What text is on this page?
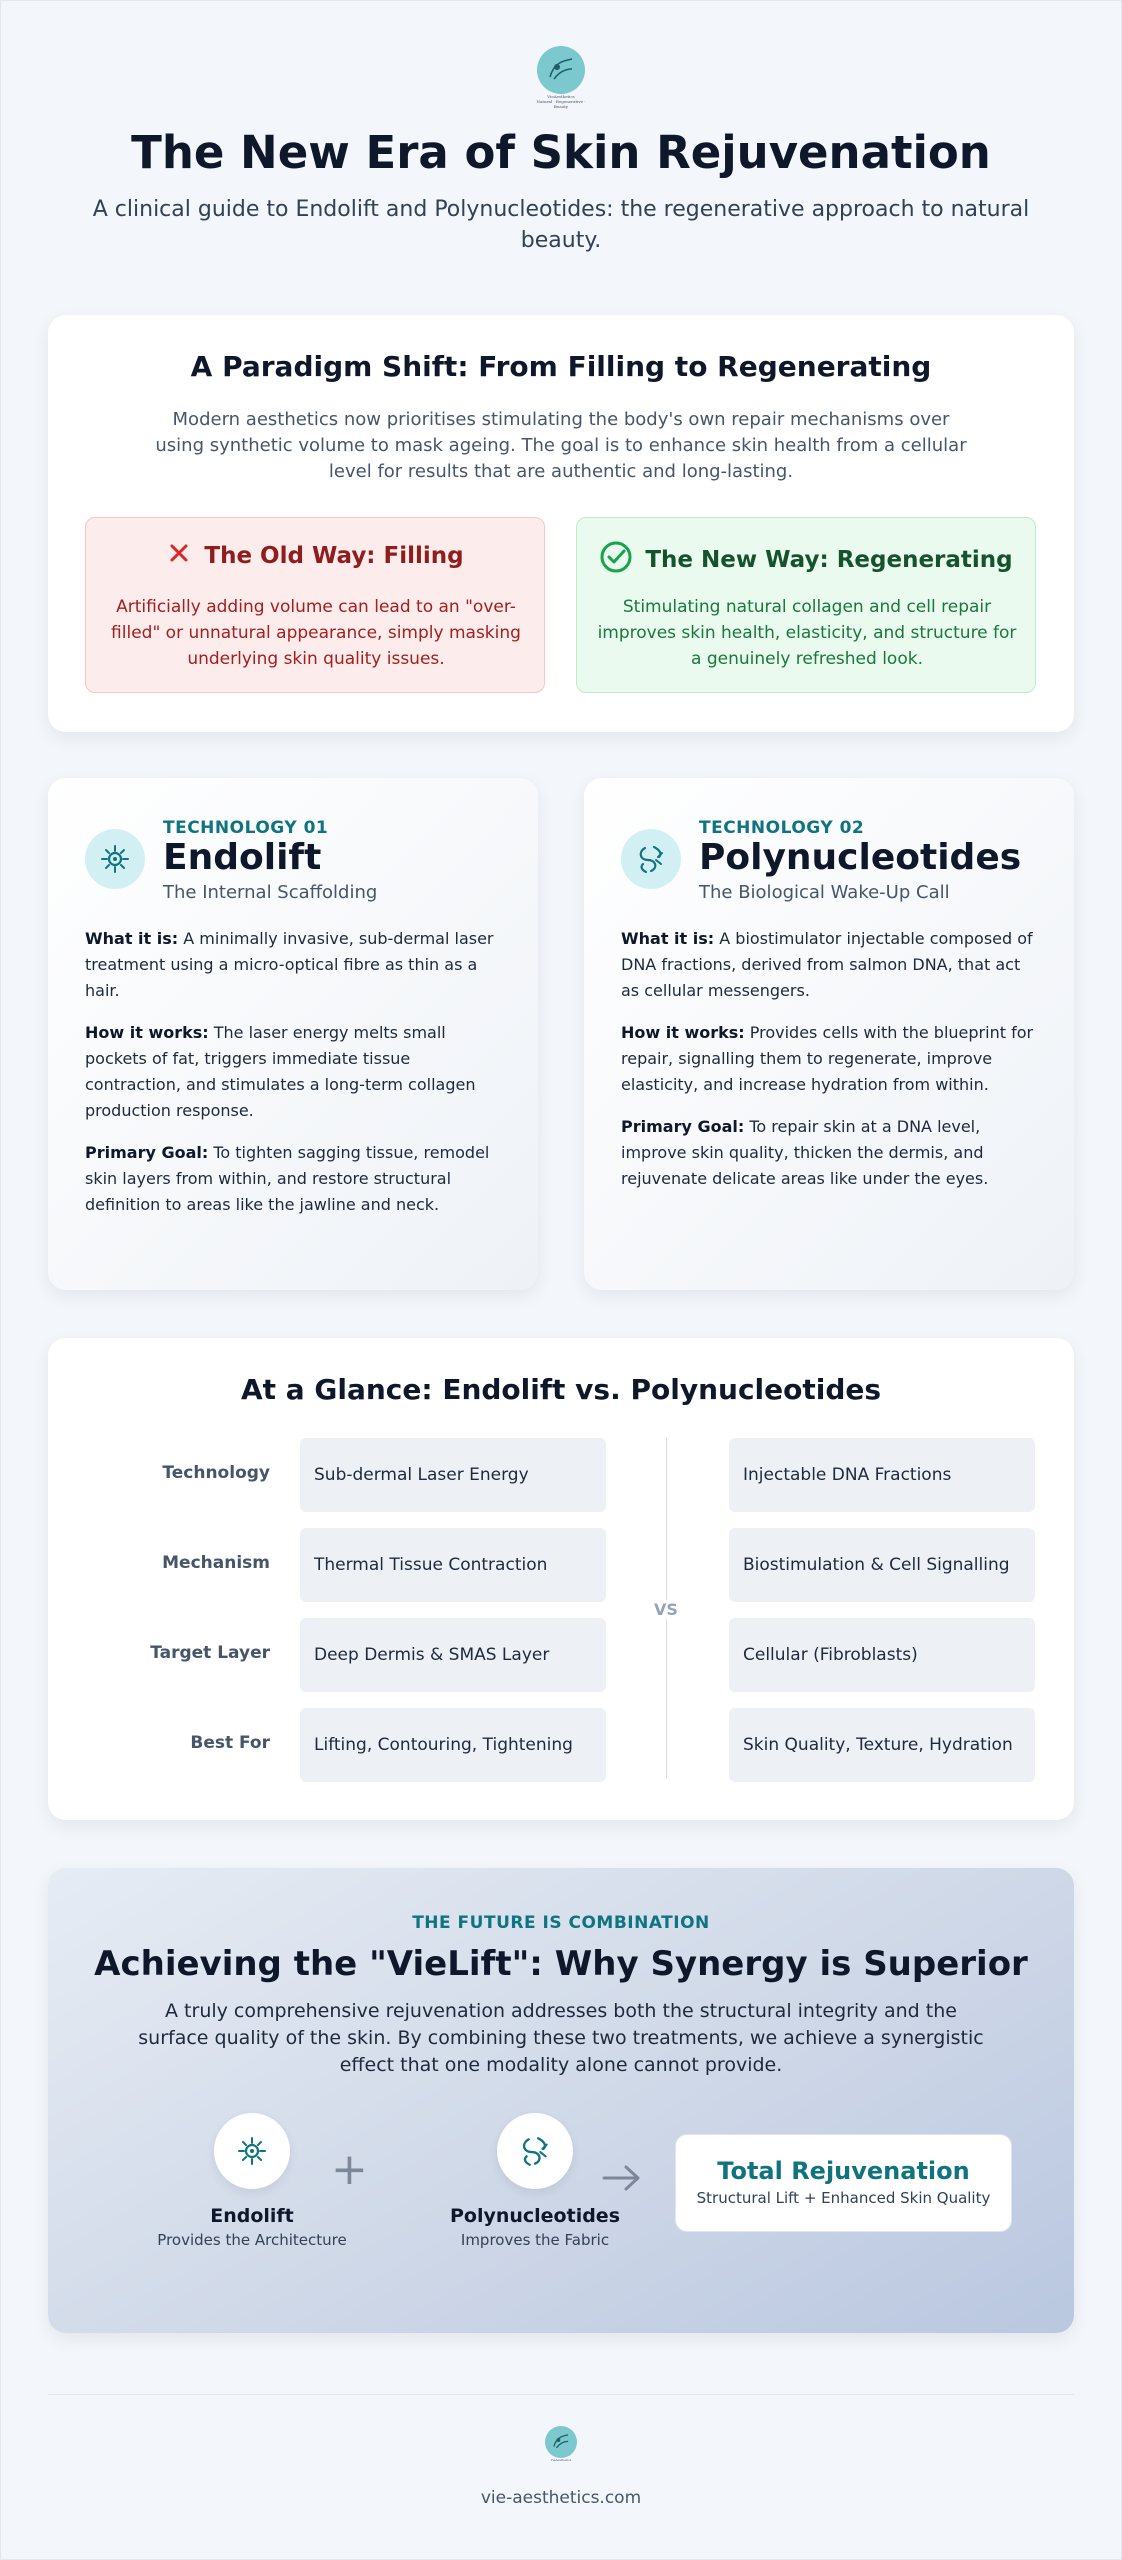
VieAesthetics
Natural · Regenerative · Beauty
The New Era of Skin Rejuvenation

A clinical guide to Endolift and Polynucleotides: the regenerative approach to natural beauty.

A Paradigm Shift: From Filling to Regenerating

Modern aesthetics now prioritises stimulating the body's own repair mechanisms over using synthetic volume to mask ageing. The goal is to enhance skin health from a cellular level for results that are authentic and long-lasting.

The Old Way: Filling

Artificially adding volume can lead to an "over-filled" or unnatural appearance, simply masking underlying skin quality issues.

The New Way: Regenerating

Stimulating natural collagen and cell repair improves skin health, elasticity, and structure for a genuinely refreshed look.

TECHNOLOGY 01
Endolift
The Internal Scaffolding

What it is: A minimally invasive, sub-dermal laser treatment using a micro-optical fibre as thin as a hair.

How it works: The laser energy melts small pockets of fat, triggers immediate tissue contraction, and stimulates a long-term collagen production response.

Primary Goal: To tighten sagging tissue, remodel skin layers from within, and restore structural definition to areas like the jawline and neck.

TECHNOLOGY 02
Polynucleotides
The Biological Wake-Up Call

What it is: A biostimulator injectable composed of DNA fractions, derived from salmon DNA, that act as cellular messengers.

How it works: Provides cells with the blueprint for repair, signalling them to regenerate, improve elasticity, and increase hydration from within.

Primary Goal: To repair skin at a DNA level, improve skin quality, thicken the dermis, and rejuvenate delicate areas like under the eyes.

At a Glance: Endolift vs. Polynucleotides
Technology	Sub-dermal Laser Energy	Injectable DNA Fractions
Mechanism	Thermal Tissue Contraction	Biostimulation & Cell Signalling
Target Layer	Deep Dermis & SMAS Layer	Cellular (Fibroblasts)
Best For	Lifting, Contouring, Tightening	Skin Quality, Texture, Hydration
VS
THE FUTURE IS COMBINATION
Achieving the "VieLift": Why Synergy is Superior

A truly comprehensive rejuvenation addresses both the structural integrity and the surface quality of the skin. By combining these two treatments, we achieve a synergistic effect that one modality alone cannot provide.

Endolift
Provides the Architecture
+
Polynucleotides
Improves the Fabric
Total Rejuvenation
Structural Lift + Enhanced Skin Quality
VieAesthetics
vie-aesthetics.com
